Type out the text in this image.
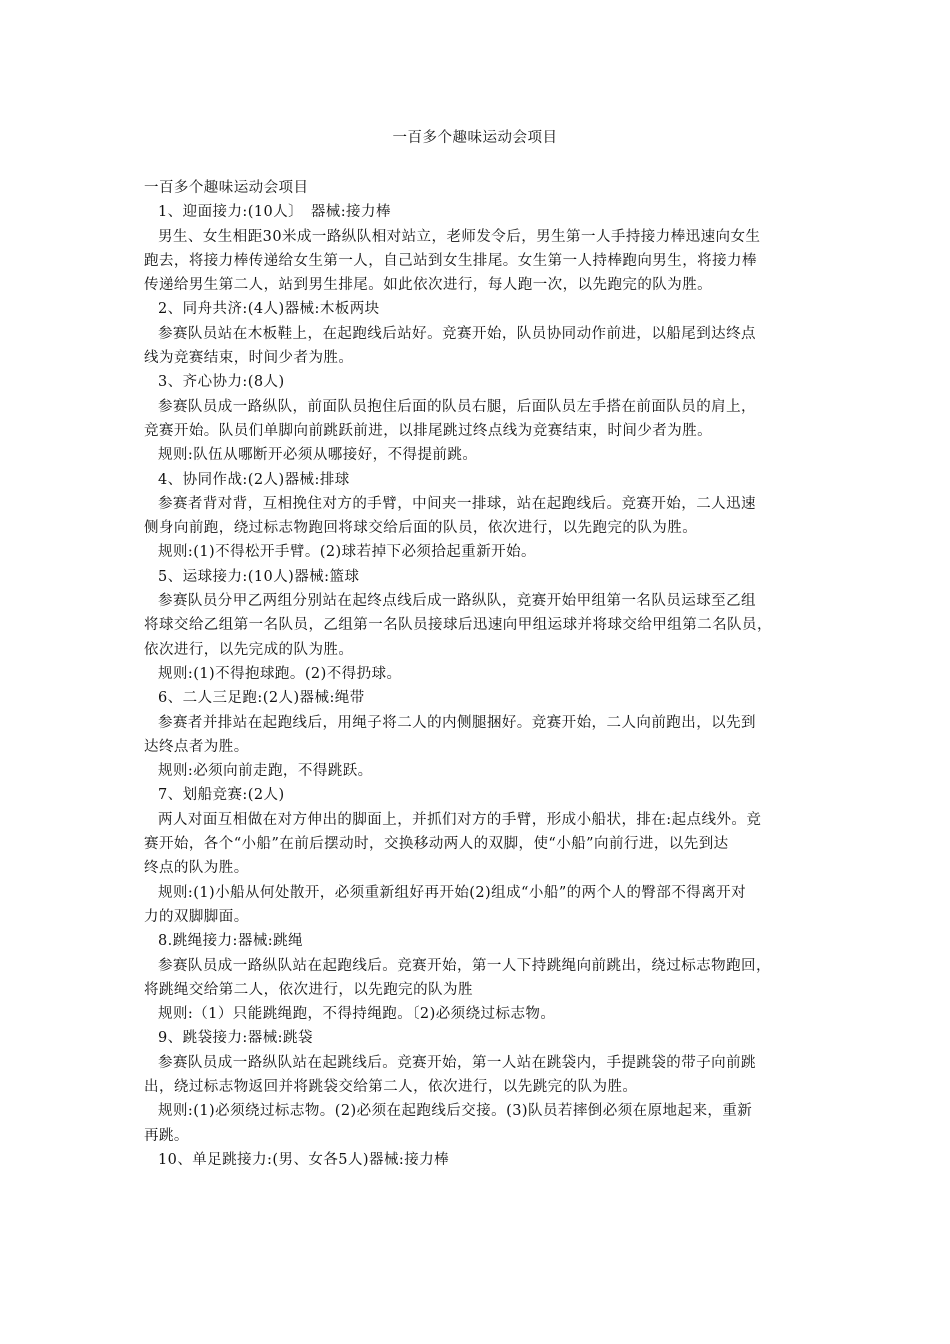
一百多个趣味运动会项目

一百多个趣味运动会项目

1、迎面接力:(10人〕　器械:接力棒

男生、女生相距30米成一路纵队相对站立，老师发令后，男生第一人手持接力棒迅速向女生

跑去，将接力棒传递给女生第一人，自己站到女生排尾。女生第一人持棒跑向男生，将接力棒

传递给男生第二人，站到男生排尾。如此依次进行，每人跑一次，以先跑完的队为胜。

2、同舟共济:(4人)器械:木板两块

参赛队员站在木板鞋上，在起跑线后站好。竞赛开始，队员协同动作前进，以船尾到达终点

线为竞赛结束，时间少者为胜。

3、齐心协力:(8人)

参赛队员成一路纵队，前面队员抱住后面的队员右腿，后面队员左手搭在前面队员的肩上，

竞赛开始。队员们单脚向前跳跃前进，以排尾跳过终点线为竞赛结束，时间少者为胜。

规则:队伍从哪断开必须从哪接好，不得提前跳。

4、协同作战:(2人)器械:排球

参赛者背对背，互相挽住对方的手臂，中间夹一排球，站在起跑线后。竞赛开始，二人迅速

侧身向前跑，绕过标志物跑回将球交给后面的队员，依次进行，以先跑完的队为胜。

规则:(1)不得松开手臂。(2)球若掉下必须拾起重新开始。

5、运球接力:(10人)器械:篮球

参赛队员分甲乙两组分别站在起终点线后成一路纵队，竞赛开始甲组第一名队员运球至乙组

将球交给乙组第一名队员，乙组第一名队员接球后迅速向甲组运球并将球交给甲组第二名队员，

依次进行，以先完成的队为胜。

规则:(1)不得抱球跑。(2)不得扔球。

6、二人三足跑:(2人)器械:绳带

参赛者并排站在起跑线后，用绳子将二人的内侧腿捆好。竞赛开始，二人向前跑出，以先到

达终点者为胜。

规则:必须向前走跑，不得跳跃。

7、划船竞赛:(2人)

两人对面互相做在对方伸出的脚面上，并抓们对方的手臂，形成小船状，排在:起点线外。竞

赛开始，各个“小船”在前后摆动时，交换移动两人的双脚，使“小船”向前行进，以先到达

终点的队为胜。

规则:(1)小船从何处散开，必须重新组好再开始(2)组成“小船”的两个人的臀部不得离开对

力的双脚脚面。

8.跳绳接力:器械:跳绳

参赛队员成一路纵队站在起跑线后。竞赛开始，第一人下持跳绳向前跳出，绕过标志物跑回，

将跳绳交给第二人，依次进行，以先跑完的队为胜

规则:（1）只能跳绳跑，不得持绳跑。〔2)必须绕过标志物。

9、跳袋接力:器械:跳袋

参赛队员成一路纵队站在起跳线后。竞赛开始，第一人站在跳袋内，手提跳袋的带子向前跳

出，绕过标志物返回并将跳袋交给第二人，依次进行，以先跳完的队为胜。

规则:(1)必须绕过标志物。(2)必须在起跑线后交接。(3)队员若摔倒必须在原地起来，重新

再跳。

10、单足跳接力:(男、女各5人)器械:接力棒
